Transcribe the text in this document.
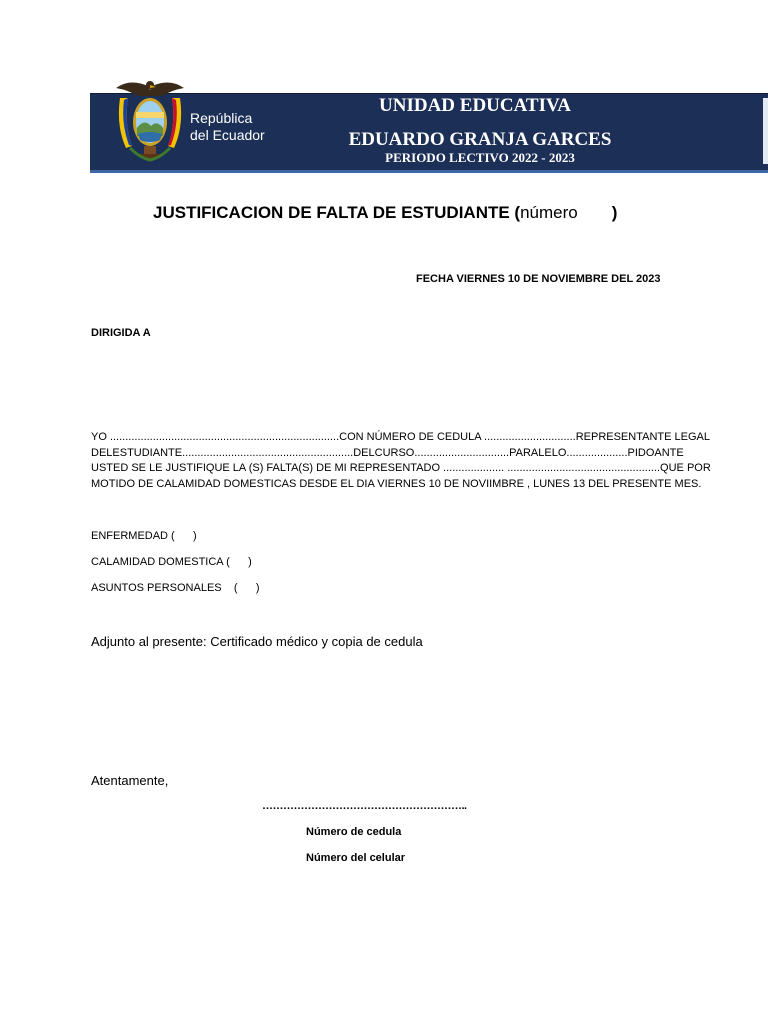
República
del Ecuador
UNIDAD EDUCATIVA
EDUARDO GRANJA GARCES
PERIODO LECTIVO 2022 - 2023
JUSTIFICACION DE FALTA DE ESTUDIANTE (número )
FECHA VIERNES 10 DE NOVIEMBRE DEL 2023
DIRIGIDA A
YO ...........................................................................CON NÚMERO DE CEDULA ..............................REPRESENTANTE LEGAL
DEL ESTUDIANTE ........................................................DEL CURSO ...............................PARALELO....................PIDO ANTE
USTED SE LE JUSTIFIQUE LA (S) FALTA(S) DE MI REPRESENTADO .................... ..................................................QUE POR
MOTIDO DE CALAMIDAD DOMESTICAS DESDE EL DIA VIERNES 10 DE NOVIIMBRE , LUNES 13 DEL PRESENTE MES.
ENFERMEDAD (      )
CALAMIDAD DOMESTICA (      )
ASUNTOS PERSONALES    (      )
Adjunto al presente: Certificado médico y copia de cedula
Atentamente,
…………………………………………………..
Número de cedula
Número del celular
